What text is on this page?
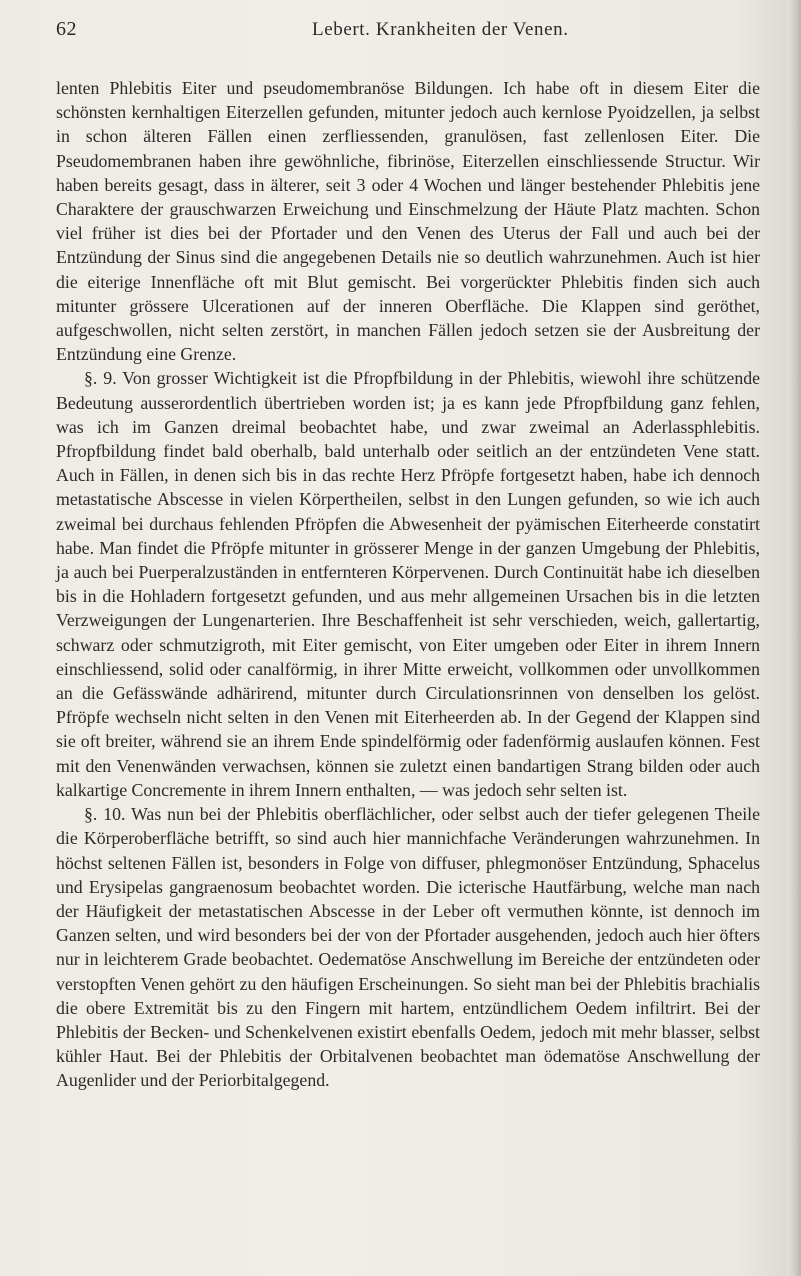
62	Lebert. Krankheiten der Venen.

lenten Phlebitis Eiter und pseudomembranöse Bildungen. Ich habe oft in diesem Eiter die schönsten kernhaltigen Eiterzellen gefunden, mitunter jedoch auch kernlose Pyoidzellen, ja selbst in schon älteren Fällen einen zerfliessenden, granulösen, fast zellenlosen Eiter. Die Pseudomembranen haben ihre gewöhnliche, fibrinöse, Eiterzellen einschliessende Structur. Wir haben bereits gesagt, dass in älterer, seit 3 oder 4 Wochen und länger bestehender Phlebitis jene Charaktere der grauschwarzen Erweichung und Einschmelzung der Häute Platz machten. Schon viel früher ist dies bei der Pfortader und den Venen des Uterus der Fall und auch bei der Entzündung der Sinus sind die angegebenen Details nie so deutlich wahrzunehmen. Auch ist hier die eiterige Innenfläche oft mit Blut gemischt. Bei vorgerückter Phlebitis finden sich auch mitunter grössere Ulcerationen auf der inneren Oberfläche. Die Klappen sind geröthet, aufgeschwollen, nicht selten zerstört, in manchen Fällen jedoch setzen sie der Ausbreitung der Entzündung eine Grenze.

§. 9. Von grosser Wichtigkeit ist die Pfropfbildung in der Phlebitis, wiewohl ihre schützende Bedeutung ausserordentlich übertrieben worden ist; ja es kann jede Pfropfbildung ganz fehlen, was ich im Ganzen dreimal beobachtet habe, und zwar zweimal an Aderlassphlebitis. Pfropfbildung findet bald oberhalb, bald unterhalb oder seitlich an der entzündeten Vene statt. Auch in Fällen, in denen sich bis in das rechte Herz Pfröpfe fortgesetzt haben, habe ich dennoch metastatische Abscesse in vielen Körpertheilen, selbst in den Lungen gefunden, so wie ich auch zweimal bei durchaus fehlenden Pfröpfen die Abwesenheit der pyämischen Eiterheerde constatirt habe. Man findet die Pfröpfe mitunter in grösserer Menge in der ganzen Umgebung der Phlebitis, ja auch bei Puerperalzuständen in entfernteren Körpervenen. Durch Continuität habe ich dieselben bis in die Hohladern fortgesetzt gefunden, und aus mehr allgemeinen Ursachen bis in die letzten Verzweigungen der Lungenarterien. Ihre Beschaffenheit ist sehr verschieden, weich, gallertartig, schwarz oder schmutzigroth, mit Eiter gemischt, von Eiter umgeben oder Eiter in ihrem Innern einschliessend, solid oder canalförmig, in ihrer Mitte erweicht, vollkommen oder unvollkommen an die Gefässwände adhärirend, mitunter durch Circulationsrinnen von denselben los gelöst. Pfröpfe wechseln nicht selten in den Venen mit Eiterheerden ab. In der Gegend der Klappen sind sie oft breiter, während sie an ihrem Ende spindelförmig oder fadenförmig auslaufen können. Fest mit den Venenwänden verwachsen, können sie zuletzt einen bandartigen Strang bilden oder auch kalkartige Concremente in ihrem Innern enthalten, — was jedoch sehr selten ist.

§. 10. Was nun bei der Phlebitis oberflächlicher, oder selbst auch der tiefer gelegenen Theile die Körperoberfläche betrifft, so sind auch hier mannichfache Veränderungen wahrzunehmen. In höchst seltenen Fällen ist, besonders in Folge von diffuser, phlegmonöser Entzündung, Sphacelus und Erysipelas gangraenosum beobachtet worden. Die icterische Hautfärbung, welche man nach der Häufigkeit der metastatischen Abscesse in der Leber oft vermuthen könnte, ist dennoch im Ganzen selten, und wird besonders bei der von der Pfortader ausgehenden, jedoch auch hier öfters nur in leichterem Grade beobachtet. Oedematöse Anschwellung im Bereiche der entzündeten oder verstopften Venen gehört zu den häufigen Erscheinungen. So sieht man bei der Phlebitis brachialis die obere Extremität bis zu den Fingern mit hartem, entzündlichem Oedem infiltrirt. Bei der Phlebitis der Becken- und Schenkelvenen existirt ebenfalls Oedem, jedoch mit mehr blasser, selbst kühler Haut. Bei der Phlebitis der Orbitalvenen beobachtet man ödematöse Anschwellung der Augenlider und der Periorbitalgegend.
